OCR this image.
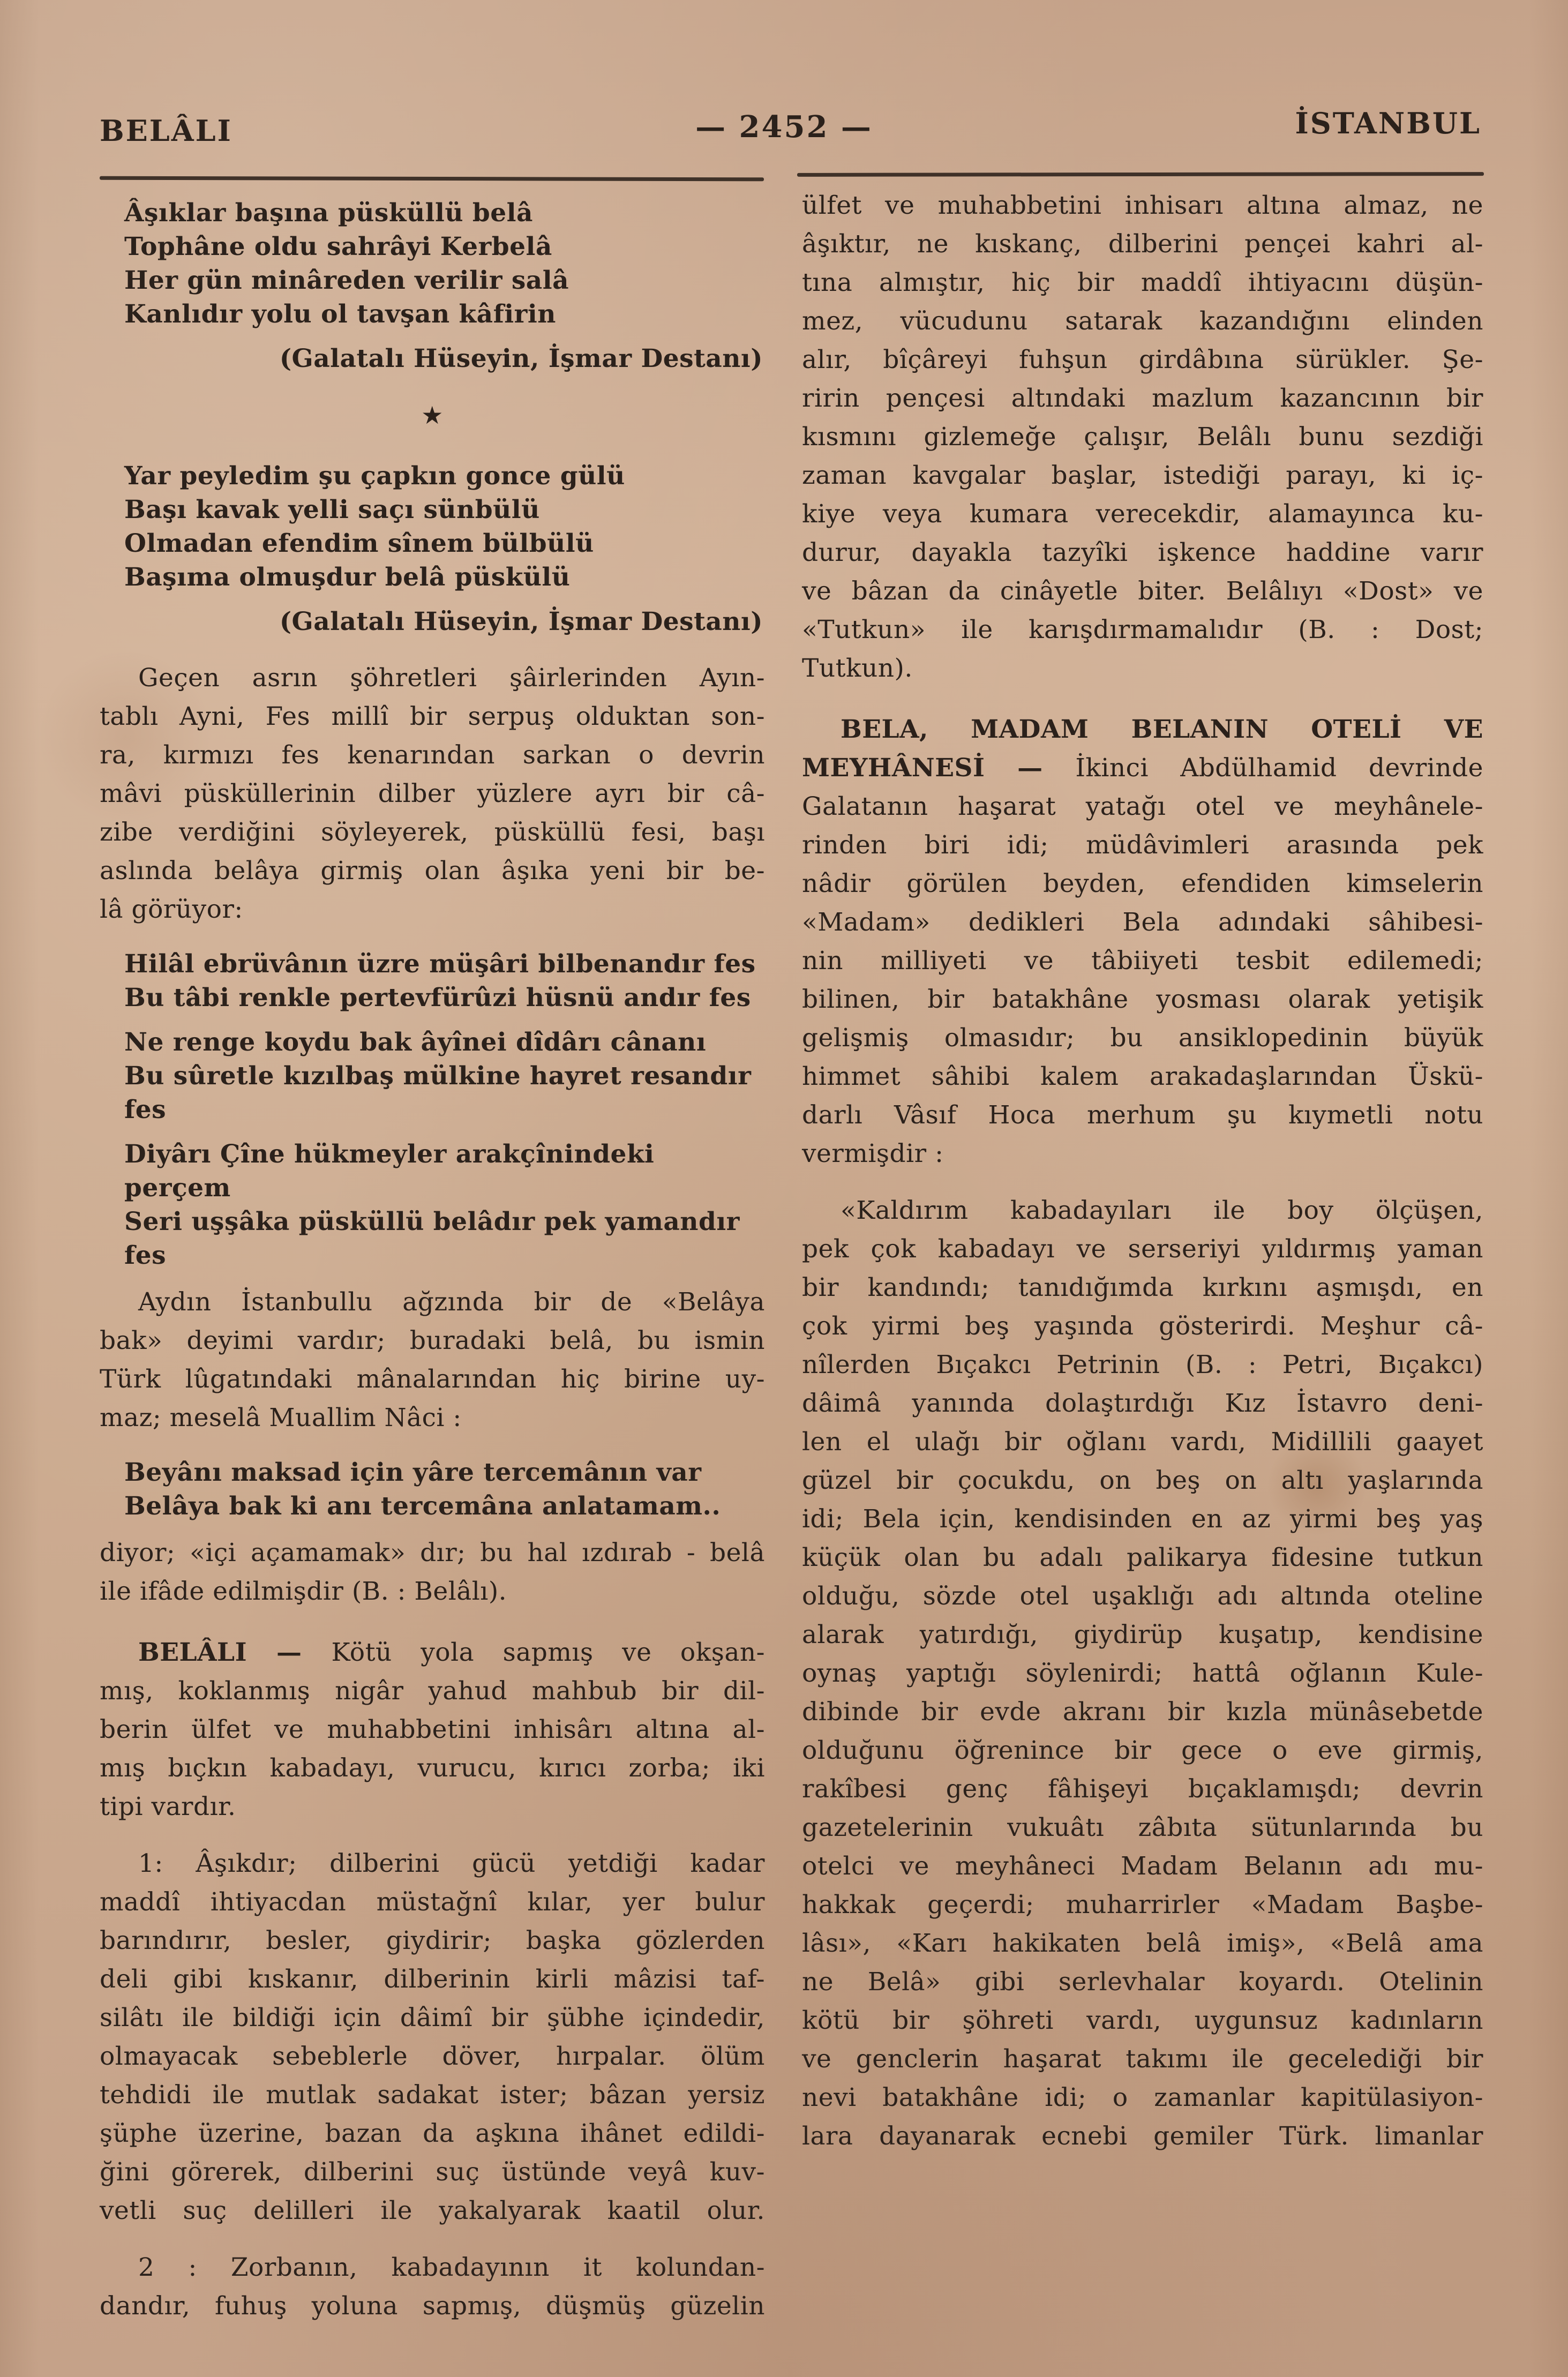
BELÂLI	— 2452 —	İSTANBUL
Âşıklar başına püsküllü belâ
Tophâne oldu sahrâyi Kerbelâ
Her gün minâreden verilir salâ
Kanlıdır yolu ol tavşan kâfirin
(Galatalı Hüseyin, İşmar Destanı)
★
Yar peyledim şu çapkın gonce gülü
Başı kavak yelli saçı sünbülü
Olmadan efendim sînem bülbülü
Başıma olmuşdur belâ püskülü
(Galatalı Hüseyin, İşmar Destanı)
Geçen asrın şöhretleri şâirlerinden Ayın-
tablı Ayni, Fes millî bir serpuş olduktan son-
ra, kırmızı fes kenarından sarkan o devrin
mâvi püsküllerinin dilber yüzlere ayrı bir câ-
zibe verdiğini söyleyerek, püsküllü fesi, başı
aslında belâya girmiş olan âşıka yeni bir be-
lâ görüyor:
Hilâl ebrüvânın üzre müşâri bilbenandır fes
Bu tâbi renkle pertevfürûzi hüsnü andır fes
Ne renge koydu bak âyînei dîdârı cânanı
Bu sûretle kızılbaş mülkine hayret resandır fes
Diyârı Çîne hükmeyler arakçînindeki perçem
Seri uşşâka püsküllü belâdır pek yamandır fes
Aydın İstanbullu ağzında bir de «Belâya
bak» deyimi vardır; buradaki belâ, bu ismin
Türk lûgatındaki mânalarından hiç birine uy-
maz; meselâ Muallim Nâci :
Beyânı maksad için yâre tercemânın var
Belâya bak ki anı tercemâna anlatamam..
diyor; «içi açamamak» dır; bu hal ızdırab - belâ
ile ifâde edilmişdir (B. : Belâlı).
BELÂLI — Kötü yola sapmış ve okşan-
mış, koklanmış nigâr yahud mahbub bir dil-
berin ülfet ve muhabbetini inhisârı altına al-
mış bıçkın kabadayı, vurucu, kırıcı zorba; iki
tipi vardır.
1: Âşıkdır; dilberini gücü yetdiği kadar
maddî ihtiyacdan müstağnî kılar, yer bulur
barındırır, besler, giydirir; başka gözlerden
deli gibi kıskanır, dilberinin kirli mâzisi taf-
silâtı ile bildiği için dâimî bir şübhe içindedir,
olmayacak sebeblerle döver, hırpalar. ölüm
tehdidi ile mutlak sadakat ister; bâzan yersiz
şüphe üzerine, bazan da aşkına ihânet edildi-
ğini görerek, dilberini suç üstünde veyâ kuv-
vetli suç delilleri ile yakalyarak kaatil olur.
2 : Zorbanın, kabadayının it kolundan-
dandır, fuhuş yoluna sapmış, düşmüş güzelin
ülfet ve muhabbetini inhisarı altına almaz, ne
âşıktır, ne kıskanç, dilberini pençei kahri al-
tına almıştır, hiç bir maddî ihtiyacını düşün-
mez, vücudunu satarak kazandığını elinden
alır, bîçâreyi fuhşun girdâbına sürükler. Şe-
ririn pençesi altındaki mazlum kazancının bir
kısmını gizlemeğe çalışır, Belâlı bunu sezdiği
zaman kavgalar başlar, istediği parayı, ki iç-
kiye veya kumara verecekdir, alamayınca ku-
durur, dayakla tazyîki işkence haddine varır
ve bâzan da cinâyetle biter. Belâlıyı «Dost» ve
«Tutkun» ile karışdırmamalıdır (B. : Dost;
Tutkun).
BELA, MADAM BELANIN OTELİ VE
MEYHÂNESİ — İkinci Abdülhamid devrinde
Galatanın haşarat yatağı otel ve meyhânele-
rinden biri idi; müdâvimleri arasında pek
nâdir görülen beyden, efendiden kimselerin
«Madam» dedikleri Bela adındaki sâhibesi-
nin milliyeti ve tâbiiyeti tesbit edilemedi;
bilinen, bir batakhâne yosması olarak yetişik
gelişmiş olmasıdır; bu ansiklopedinin büyük
himmet sâhibi kalem arakadaşlarından Üskü-
darlı Vâsıf Hoca merhum şu kıymetli notu
vermişdir :
«Kaldırım kabadayıları ile boy ölçüşen,
pek çok kabadayı ve serseriyi yıldırmış yaman
bir kandındı; tanıdığımda kırkını aşmışdı, en
çok yirmi beş yaşında gösterirdi. Meşhur câ-
nîlerden Bıçakcı Petrinin (B. : Petri, Bıçakcı)
dâimâ yanında dolaştırdığı Kız İstavro deni-
len el ulağı bir oğlanı vardı, Midillili gaayet
güzel bir çocukdu, on beş on altı yaşlarında
idi; Bela için, kendisinden en az yirmi beş yaş
küçük olan bu adalı palikarya fidesine tutkun
olduğu, sözde otel uşaklığı adı altında oteline
alarak yatırdığı, giydirüp kuşatıp, kendisine
oynaş yaptığı söylenirdi; hattâ oğlanın Kule-
dibinde bir evde akranı bir kızla münâsebetde
olduğunu öğrenince bir gece o eve girmiş,
rakîbesi genç fâhişeyi bıçaklamışdı; devrin
gazetelerinin vukuâtı zâbıta sütunlarında bu
otelci ve meyhâneci Madam Belanın adı mu-
hakkak geçerdi; muharrirler «Madam Başbe-
lâsı», «Karı hakikaten belâ imiş», «Belâ ama
ne Belâ» gibi serlevhalar koyardı. Otelinin
kötü bir şöhreti vardı, uygunsuz kadınların
ve genclerin haşarat takımı ile gecelediği bir
nevi batakhâne idi; o zamanlar kapitülasiyon-
lara dayanarak ecnebi gemiler Türk. limanlar
